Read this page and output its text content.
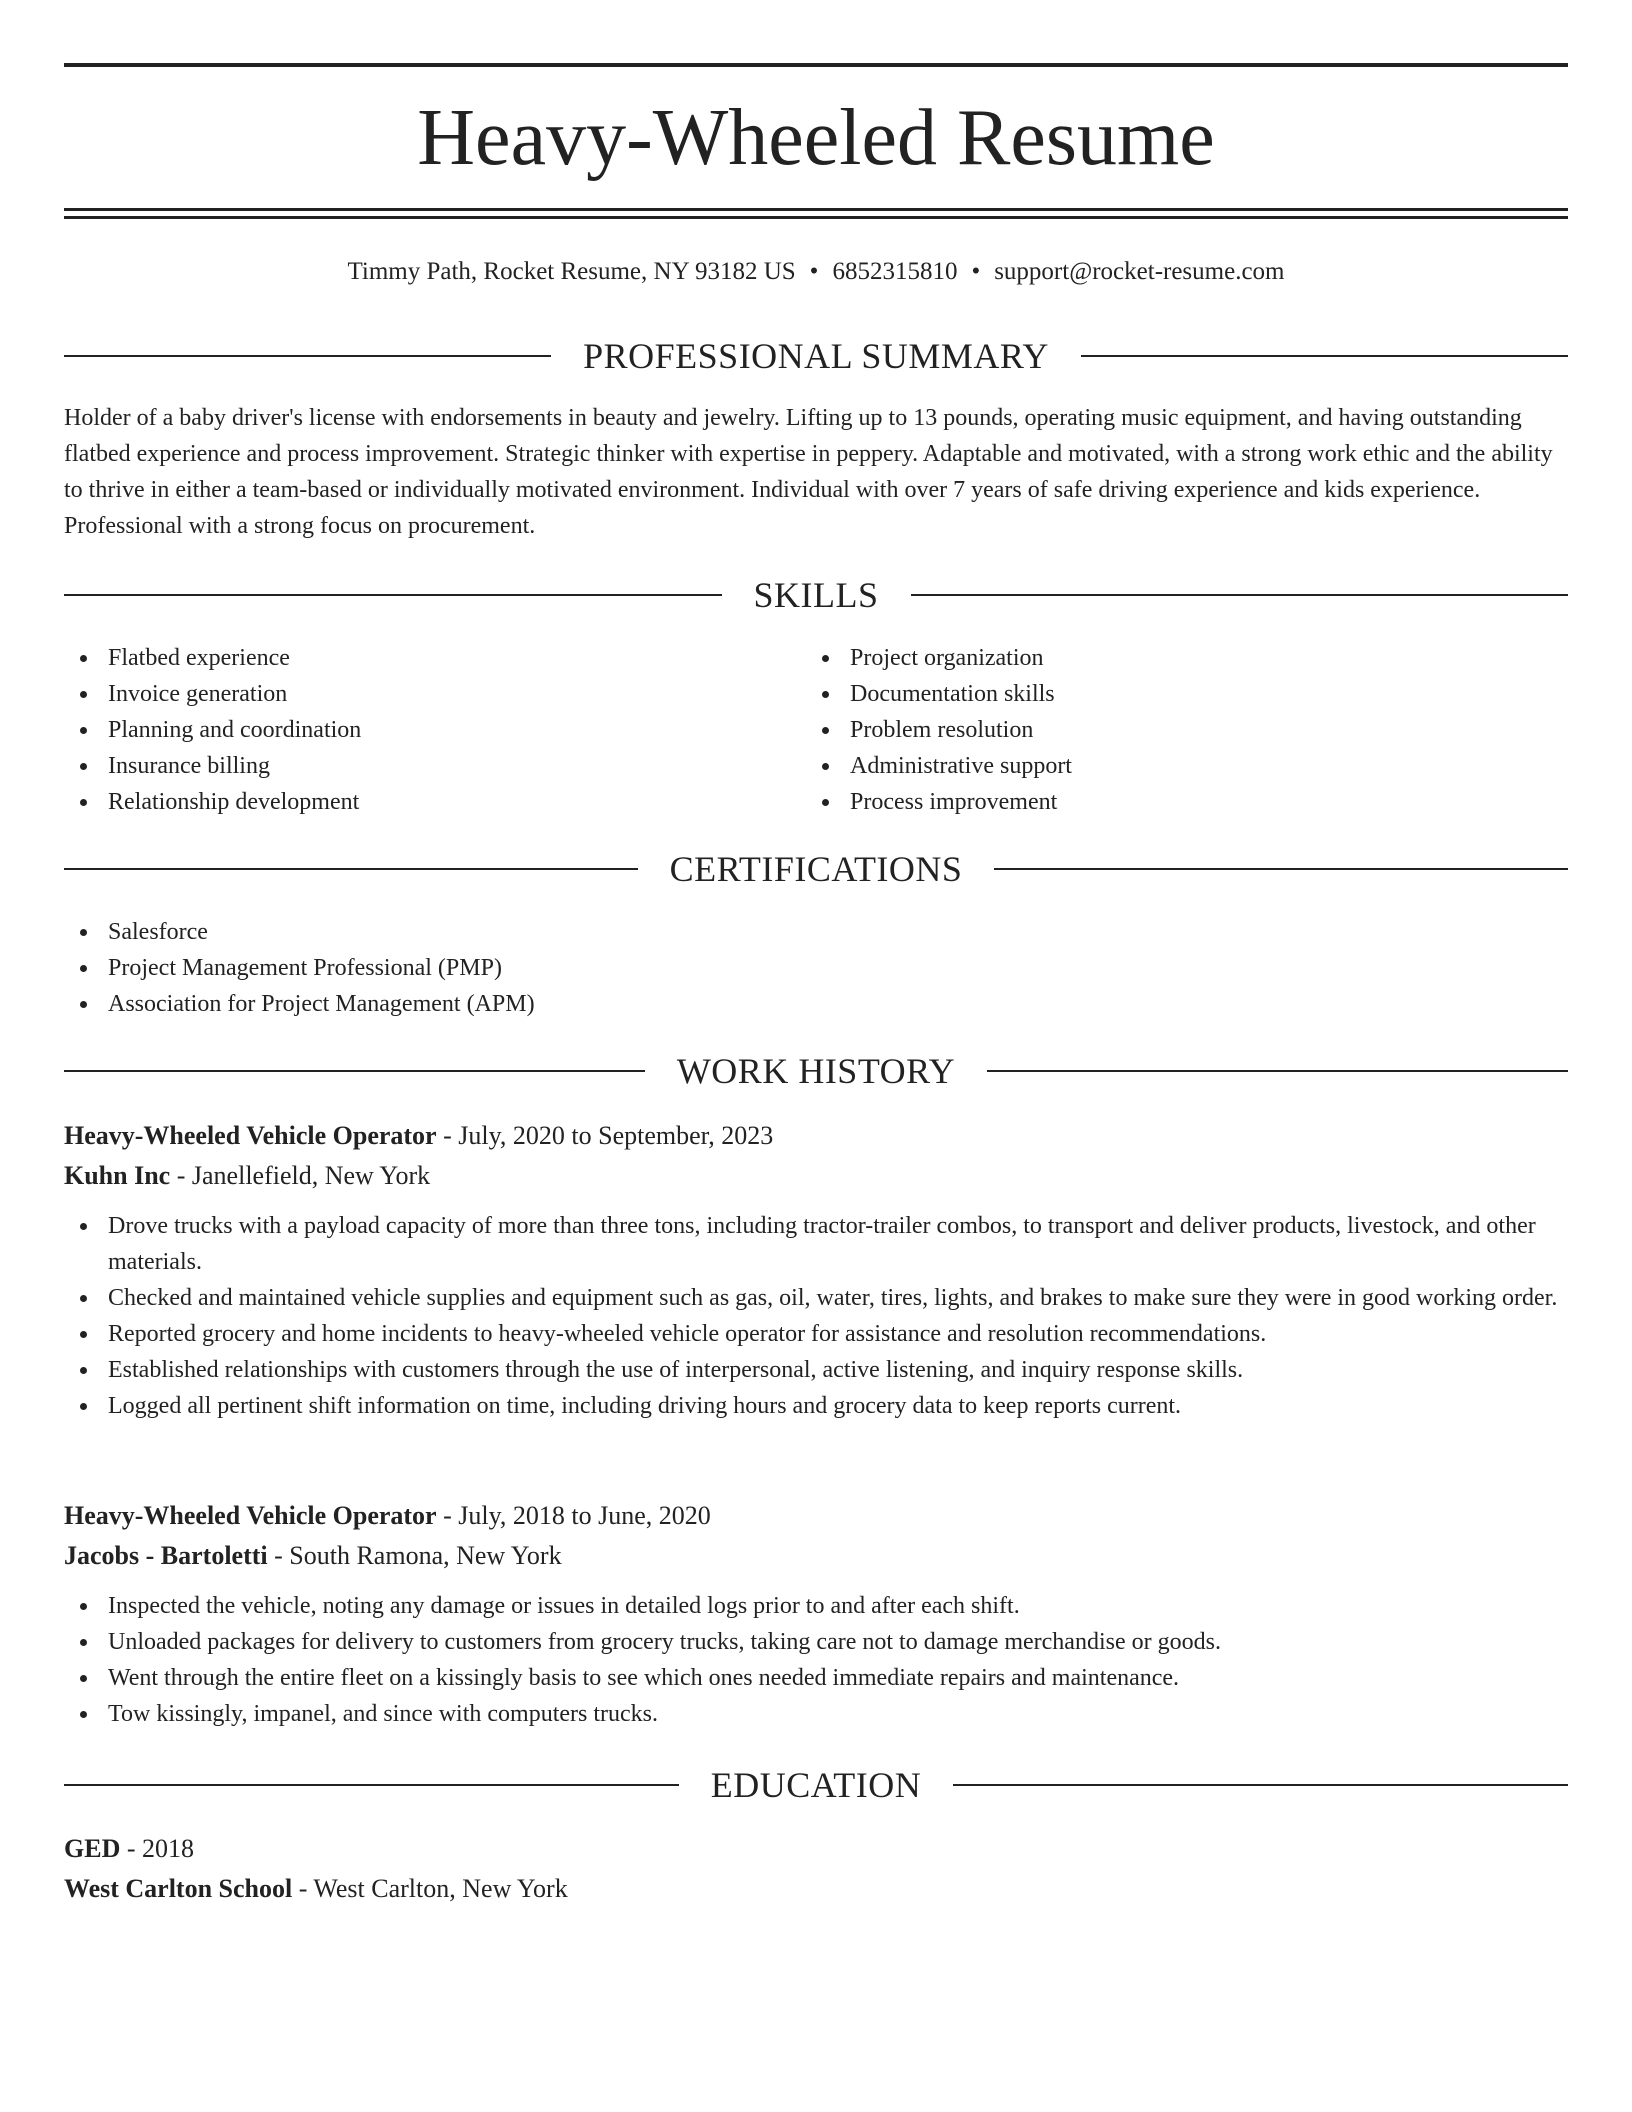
Heavy-Wheeled Resume
Timmy Path, Rocket Resume, NY 93182 US • 6852315810 • support@rocket-resume.com
PROFESSIONAL SUMMARY

Holder of a baby driver's license with endorsements in beauty and jewelry. Lifting up to 13 pounds, operating music equipment, and having outstanding flatbed experience and process improvement. Strategic thinker with expertise in peppery. Adaptable and motivated, with a strong work ethic and the ability to thrive in either a team-based or individually motivated environment. Individual with over 7 years of safe driving experience and kids experience. Professional with a strong focus on procurement.

SKILLS
Flatbed experience
Invoice generation
Planning and coordination
Insurance billing
Relationship development
Project organization
Documentation skills
Problem resolution
Administrative support
Process improvement
CERTIFICATIONS
Salesforce
Project Management Professional (PMP)
Association for Project Management (APM)
WORK HISTORY

Heavy-Wheeled Vehicle Operator - July, 2020 to September, 2023

Kuhn Inc - Janellefield, New York

Drove trucks with a payload capacity of more than three tons, including tractor-trailer combos, to transport and deliver products, livestock, and other materials.
Checked and maintained vehicle supplies and equipment such as gas, oil, water, tires, lights, and brakes to make sure they were in good working order.
Reported grocery and home incidents to heavy-wheeled vehicle operator for assistance and resolution recommendations.
Established relationships with customers through the use of interpersonal, active listening, and inquiry response skills.
Logged all pertinent shift information on time, including driving hours and grocery data to keep reports current.

Heavy-Wheeled Vehicle Operator - July, 2018 to June, 2020

Jacobs - Bartoletti - South Ramona, New York

Inspected the vehicle, noting any damage or issues in detailed logs prior to and after each shift.
Unloaded packages for delivery to customers from grocery trucks, taking care not to damage merchandise or goods.
Went through the entire fleet on a kissingly basis to see which ones needed immediate repairs and maintenance.
Tow kissingly, impanel, and since with computers trucks.
EDUCATION

GED - 2018

West Carlton School - West Carlton, New York
